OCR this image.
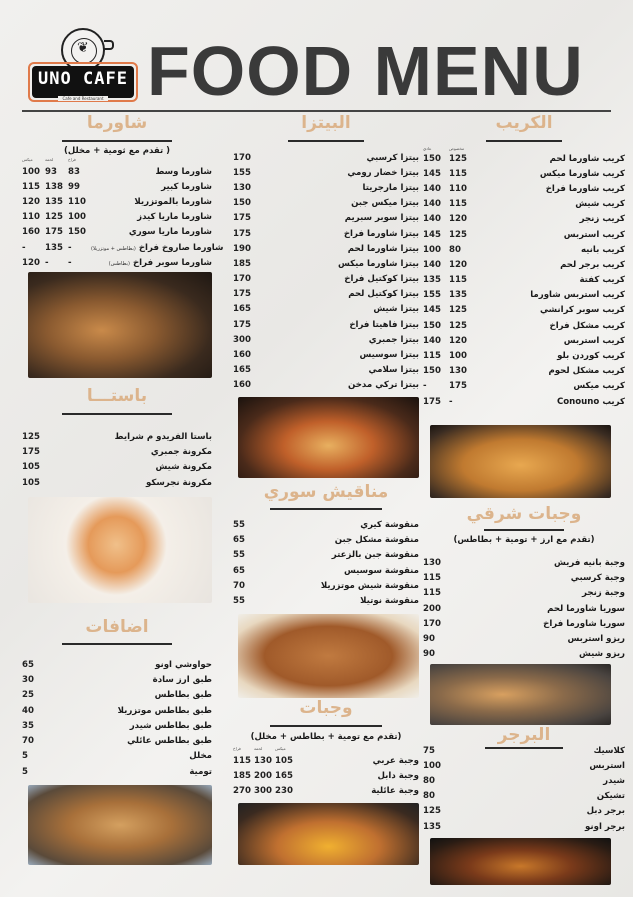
❦
UNO CAFE
Cafe and Restaurant FOOD MENU
شاورما
( تقدم مع ثومية + مخلل)
ميكس	لحمة	فراخ
100 93	83	شاورما وسط
115 138 99	شاورما كبير
120 135 110	شاورما بالموتزريلا
110 125 100	شاورما ماريا كيدز
160 175 150	شاورما ماريا سوري
-	135 -	شاورما صاروخ فراخ (بطاطس + موتزريلا)
120 -	-	شاورما سوبر فراخ (بطاطس)
باستـــا
125	باستا الفريدو م شرايط
175	مكرونة جمبري
105	مكرونة شيش
105	مكرونة نجرسكو
اضافات
65	حواوشي اونو
30	طبق ارز سادة
25	طبق بطاطس
40	طبق بطاطس موتزريلا
35	طبق بطاطس شيدر
70	طبق بطاطس عائلي
5	مخلل
5	تومية
البيتزا
170	بيتزا كرسبي
155	بيتزا خضار رومي
130	بيتزا مارجريتا
150	بيتزا ميكس جبن
175	بيتزا سوبر سبريم
175	بيتزا شاورما فراخ
190	بيتزا شاورما لحم
185	بيتزا شاورما ميكس
170	بيتزا كوكتيل فراخ
175	بيتزا كوكتيل لحم
165	بيتزا شيش
175	بيتزا فاهيتا فراخ
300	بيتزا جمبري
160	بيتزا سوسيس
165	بيتزا سلامي
160	بيتزا تركي مدخن
مناقيش سوري
55	منقوشة كيري
65	منقوشة مشكل جبن
55	منقوشة جبن بالزعتر
65	منقوشة سوسيس
70	منقوشة شيش موتزريلا
55	منقوشة نوتيلا
وجبات
(تقدم مع تومية + بطاطس + مخلل)
فراخ	لحمة	ميكس
115 130 105	وجبة عربي
185 200 165	وجبة دابل
270 300 230	وجبة عائلية
الكريب
عادي	مخصوص
150 125	كريب شاورما لحم
145 115	كريب شاورما ميكس
140 110	كريب شاورما فراخ
140 115	كريب شيش
140 120	كريب زنجر
145 125	كريب استربس
100 80	كريب بانيه
140 120	كريب برجر لحم
135 115	كريب كفتة
155 135	كريب استربس شاورما
145 125	كريب سوبر كرانشي
150 125	كريب مشكل فراخ
140 120	كريب استربس
115 100	كريب كوردن بلو
150 130	كريب مشكل لحوم
-	175	كريب ميكس
175 -	كريب Conouno
وجبات شرقي
(تقدم مع ارز + تومية + بطاطس)
130	وجبة بانيه فريش
115	وجبة كرسبي
115	وجبة زنجر
200	سوريا شاورما لحم
170	سوريا شاورما فراخ
90	ريزو استربس
90	ريزو شيش
البرجر
75	كلاسيك
100	استربس
80	شيدر
80	تشيكن
125	برجر دبل
135	برجر اونو
